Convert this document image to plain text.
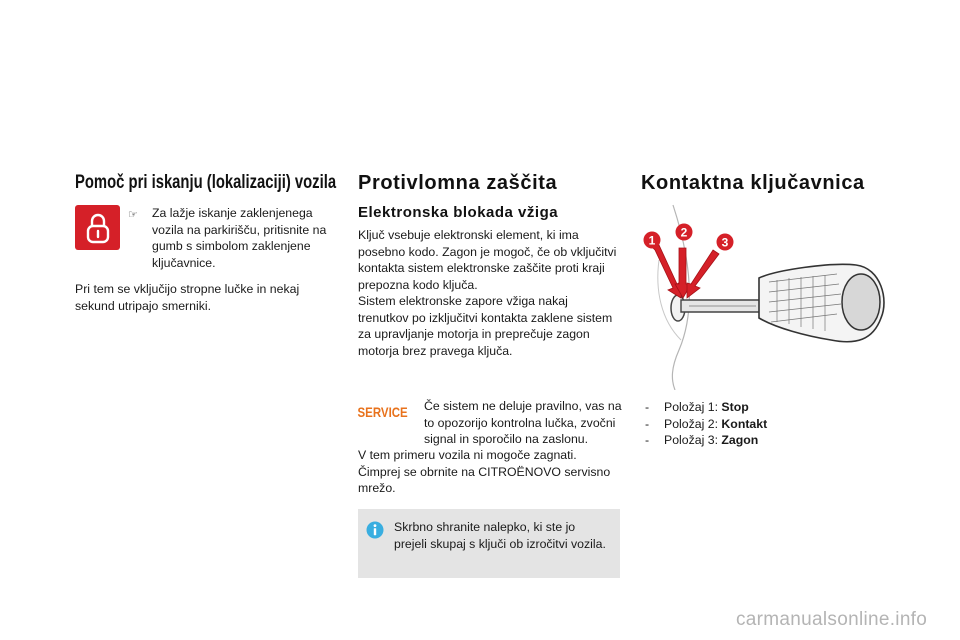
Pomoč pri iskanju (lokalizaciji) vozila
☞ Za lažje iskanje zaklenjenega
vozila na parkirišču, pritisnite na
gumb s simbolom zaklenjene
ključavnice.
Pri tem se vključijo stropne lučke in nekaj
sekund utripajo smerniki.
Protivlomna zaščita
Elektronska blokada vžiga
Ključ vsebuje elektronski element, ki ima
posebno kodo. Zagon je mogoč, če ob vključitvi
kontakta sistem elektronske zaščite proti kraji
prepozna kodo ključa.
Sistem elektronske zapore vžiga nakaj
trenutkov po izključitvi kontakta zaklene sistem
za upravljanje motorja in preprečuje zagon
motorja brez pravega ključa.
SERVICE Če sistem ne deluje pravilno, vas na
to opozorijo kontrolna lučka, zvočni
signal in sporočilo na zaslonu.
V tem primeru vozila ni mogoče zagnati.
Čimprej se obrnite na CITROËNOVO servisno
mrežo.
Skrbno shranite nalepko, ki ste jo
prejeli skupaj s ključi ob izročitvi vozila.
Kontaktna ključavnica
1
2
3
- Položaj 1: Stop
- Položaj 2: Kontakt
- Položaj 3: Zagon
carmanualsonline.info
